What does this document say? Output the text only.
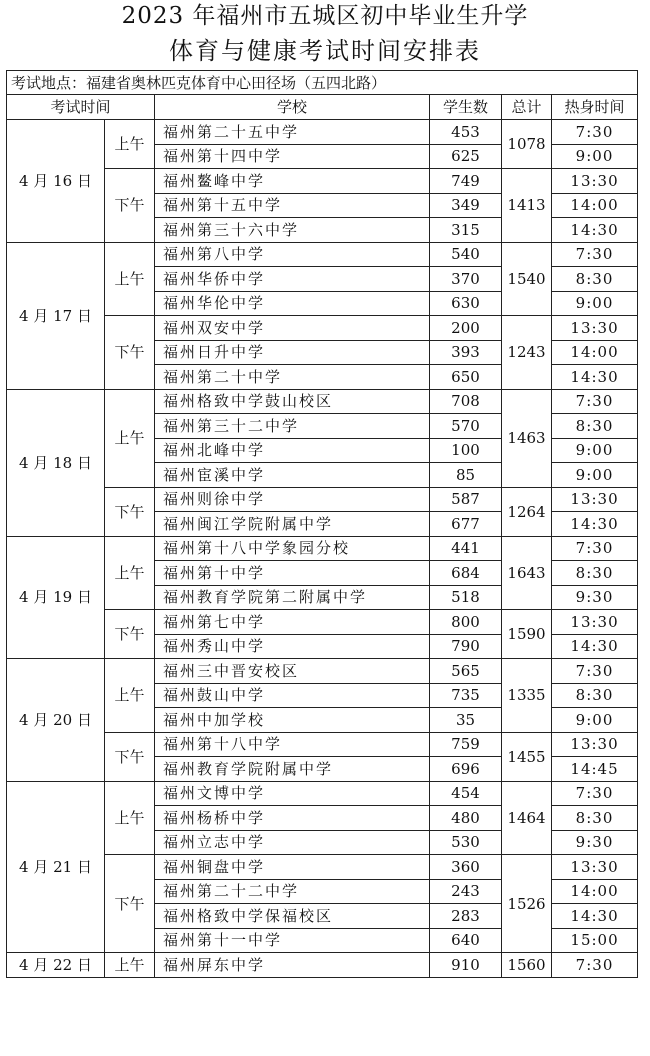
2023 年福州市五城区初中毕业生升学
体育与健康考试时间安排表
考试地点：福建省奥林匹克体育中心田径场（五四北路）					
考试时间		学校	学生数	总计	热身时间
4 月 16 日	上午	福州第二十五中学	453	1078	7:30
		福州第十四中学	625		9:00
	下午	福州鳌峰中学	749	1413	13:30
		福州第十五中学	349		14:00
		福州第三十六中学	315		14:30
4 月 17 日	上午	福州第八中学	540	1540	7:30
		福州华侨中学	370		8:30
		福州华伦中学	630		9:00
	下午	福州双安中学	200	1243	13:30
		福州日升中学	393		14:00
		福州第二十中学	650		14:30
4 月 18 日	上午	福州格致中学鼓山校区	708	1463	7:30
		福州第三十二中学	570		8:30
		福州北峰中学	100		9:00
		福州宦溪中学	85		9:00
	下午	福州则徐中学	587	1264	13:30
		福州闽江学院附属中学	677		14:30
4 月 19 日	上午	福州第十八中学象园分校	441	1643	7:30
		福州第十中学	684		8:30
		福州教育学院第二附属中学	518		9:30
	下午	福州第七中学	800	1590	13:30
		福州秀山中学	790		14:30
4 月 20 日	上午	福州三中晋安校区	565	1335	7:30
		福州鼓山中学	735		8:30
		福州中加学校	35		9:00
	下午	福州第十八中学	759	1455	13:30
		福州教育学院附属中学	696		14:45
4 月 21 日	上午	福州文博中学	454	1464	7:30
		福州杨桥中学	480		8:30
		福州立志中学	530		9:30
	下午	福州铜盘中学	360	1526	13:30
		福州第二十二中学	243		14:00
		福州格致中学保福校区	283		14:30
		福州第十一中学	640		15:00
4 月 22 日	上午	福州屏东中学	910	1560	7:30
